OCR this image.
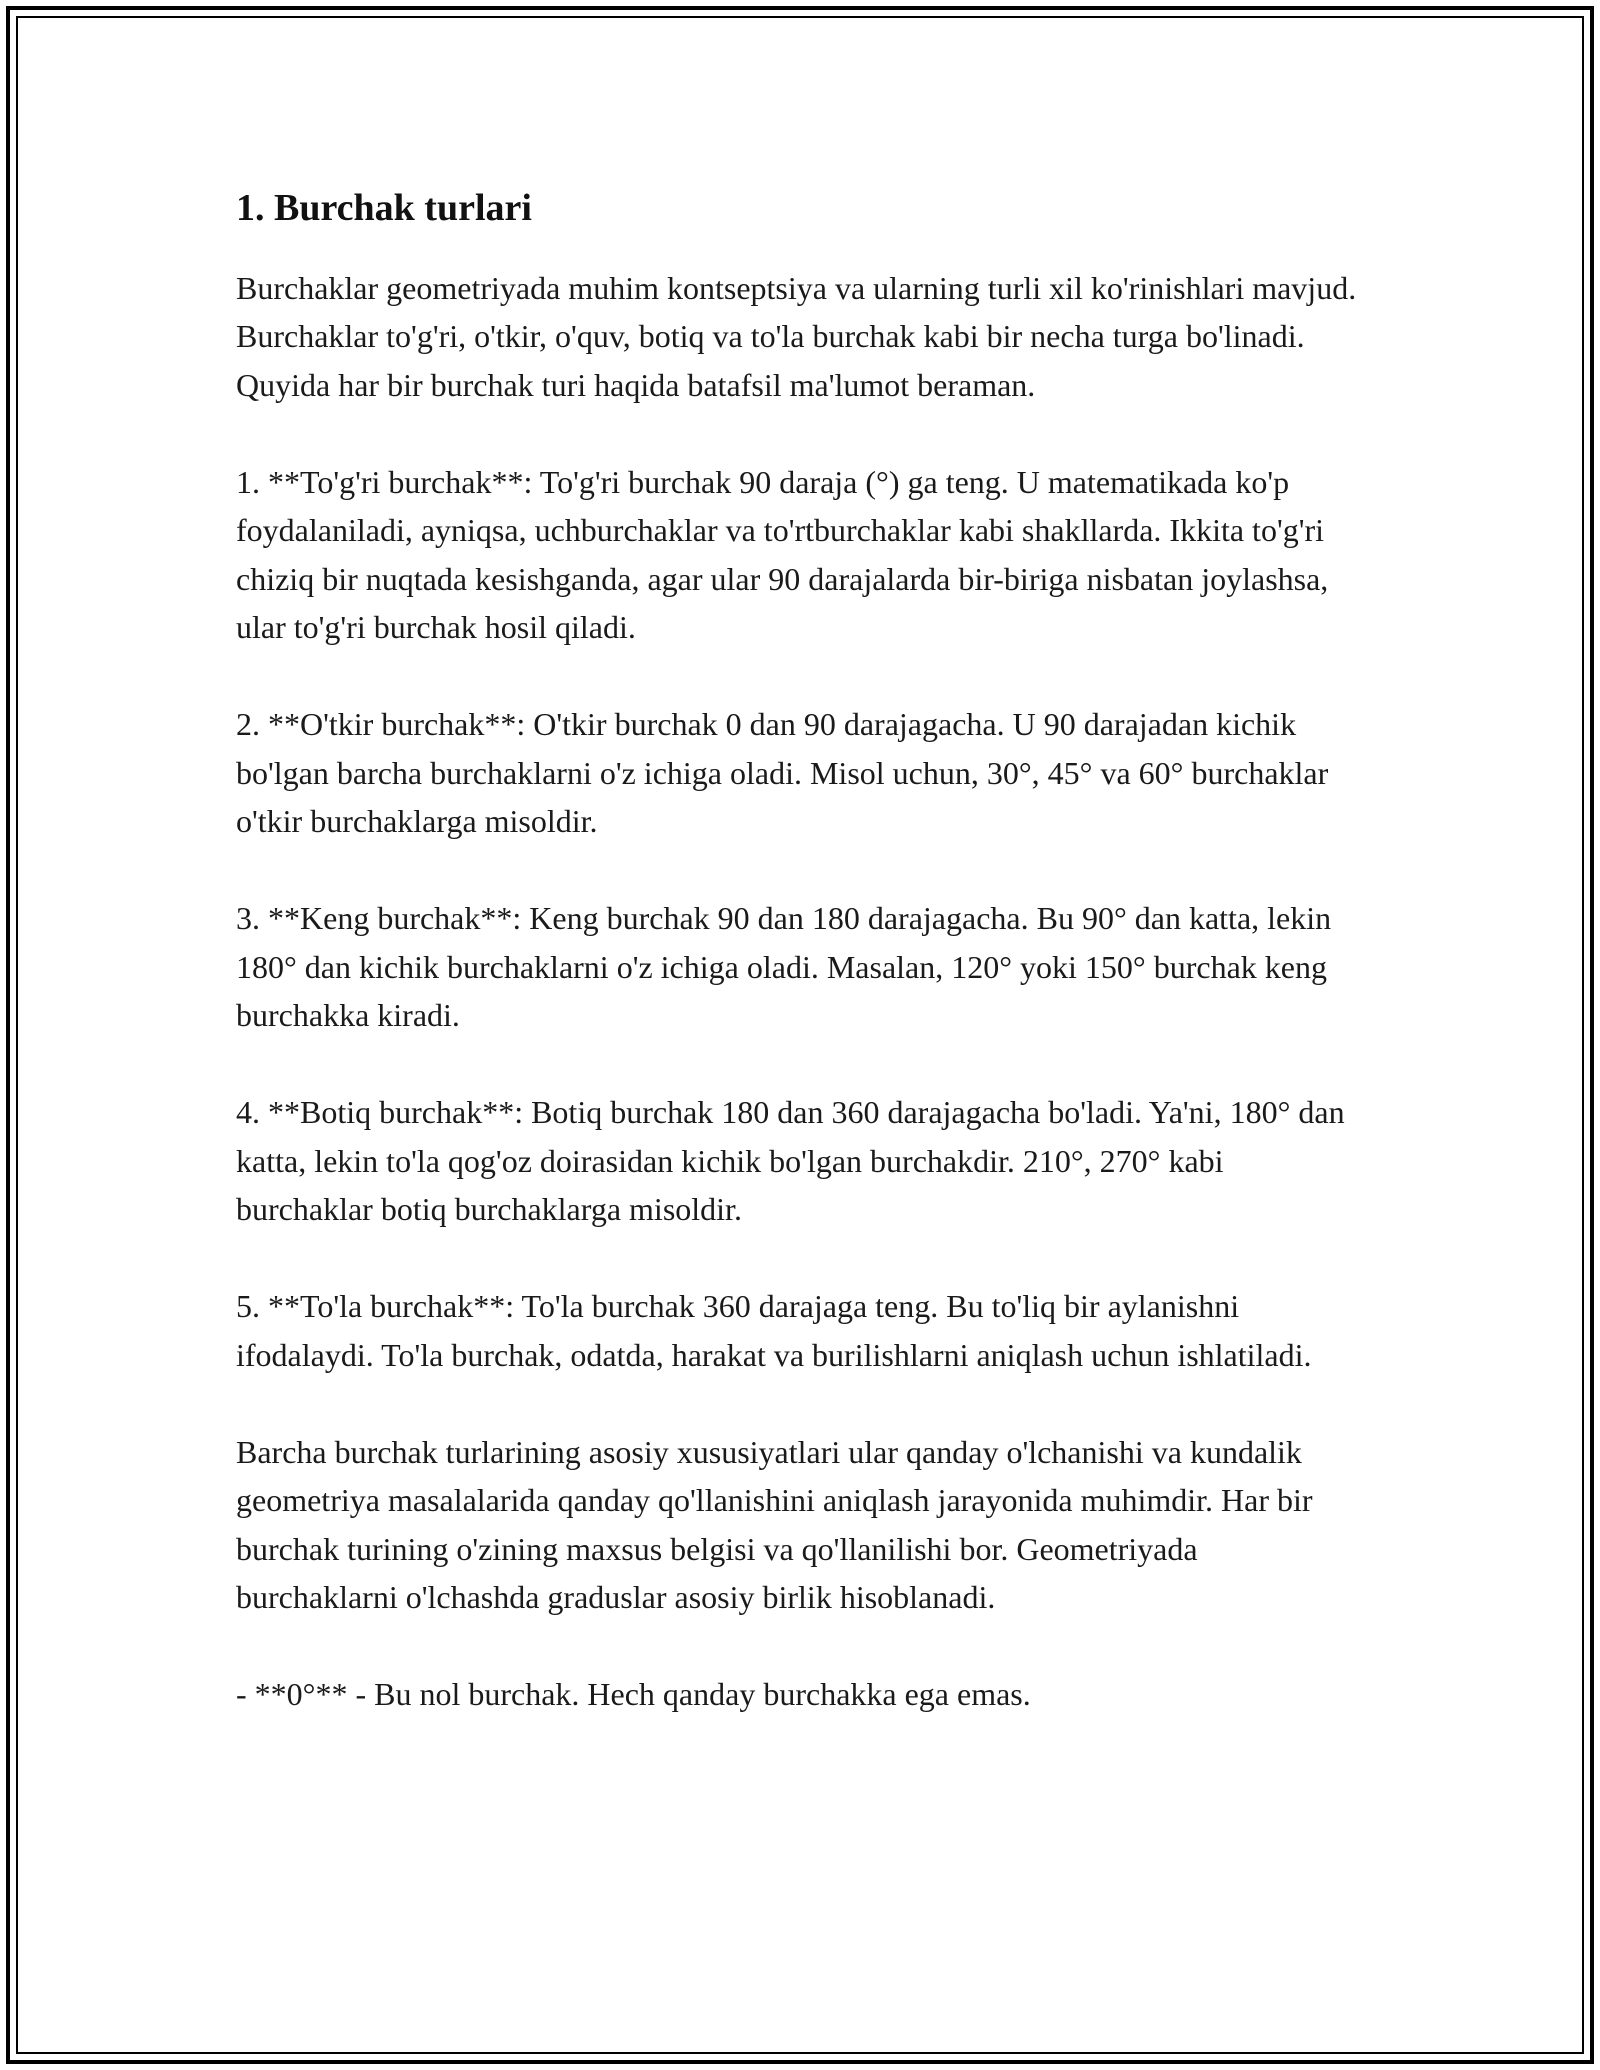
1. Burchak turlari

Burchaklar geometriyada muhim kontseptsiya va ularning turli xil ko'rinishlari mavjud. Burchaklar to'g'ri, o'tkir, o'quv, botiq va to'la burchak kabi bir necha turga bo'linadi. Quyida har bir burchak turi haqida batafsil ma'lumot beraman.

1. **To'g'ri burchak**: To'g'ri burchak 90 daraja (°) ga teng. U matematikada ko'p foydalaniladi, ayniqsa, uchburchaklar va to'rtburchaklar kabi shakllarda. Ikkita to'g'ri chiziq bir nuqtada kesishganda, agar ular 90 darajalarda bir-biriga nisbatan joylashsa, ular to'g'ri burchak hosil qiladi.

2. **O'tkir burchak**: O'tkir burchak 0 dan 90 darajagacha. U 90 darajadan kichik bo'lgan barcha burchaklarni o'z ichiga oladi. Misol uchun, 30°, 45° va 60° burchaklar o'tkir burchaklarga misoldir.

3. **Keng burchak**: Keng burchak 90 dan 180 darajagacha. Bu 90° dan katta, lekin 180° dan kichik burchaklarni o'z ichiga oladi. Masalan, 120° yoki 150° burchak keng burchakka kiradi.

4. **Botiq burchak**: Botiq burchak 180 dan 360 darajagacha bo'ladi. Ya'ni, 180° dan katta, lekin to'la qog'oz doirasidan kichik bo'lgan burchakdir. 210°, 270° kabi burchaklar botiq burchaklarga misoldir.

5. **To'la burchak**: To'la burchak 360 darajaga teng. Bu to'liq bir aylanishni ifodalaydi. To'la burchak, odatda, harakat va burilishlarni aniqlash uchun ishlatiladi.

Barcha burchak turlarining asosiy xususiyatlari ular qanday o'lchanishi va kundalik geometriya masalalarida qanday qo'llanishini aniqlash jarayonida muhimdir. Har bir burchak turining o'zining maxsus belgisi va qo'llanilishi bor. Geometriyada burchaklarni o'lchashda graduslar asosiy birlik hisoblanadi.

- **0°** - Bu nol burchak. Hech qanday burchakka ega emas.
